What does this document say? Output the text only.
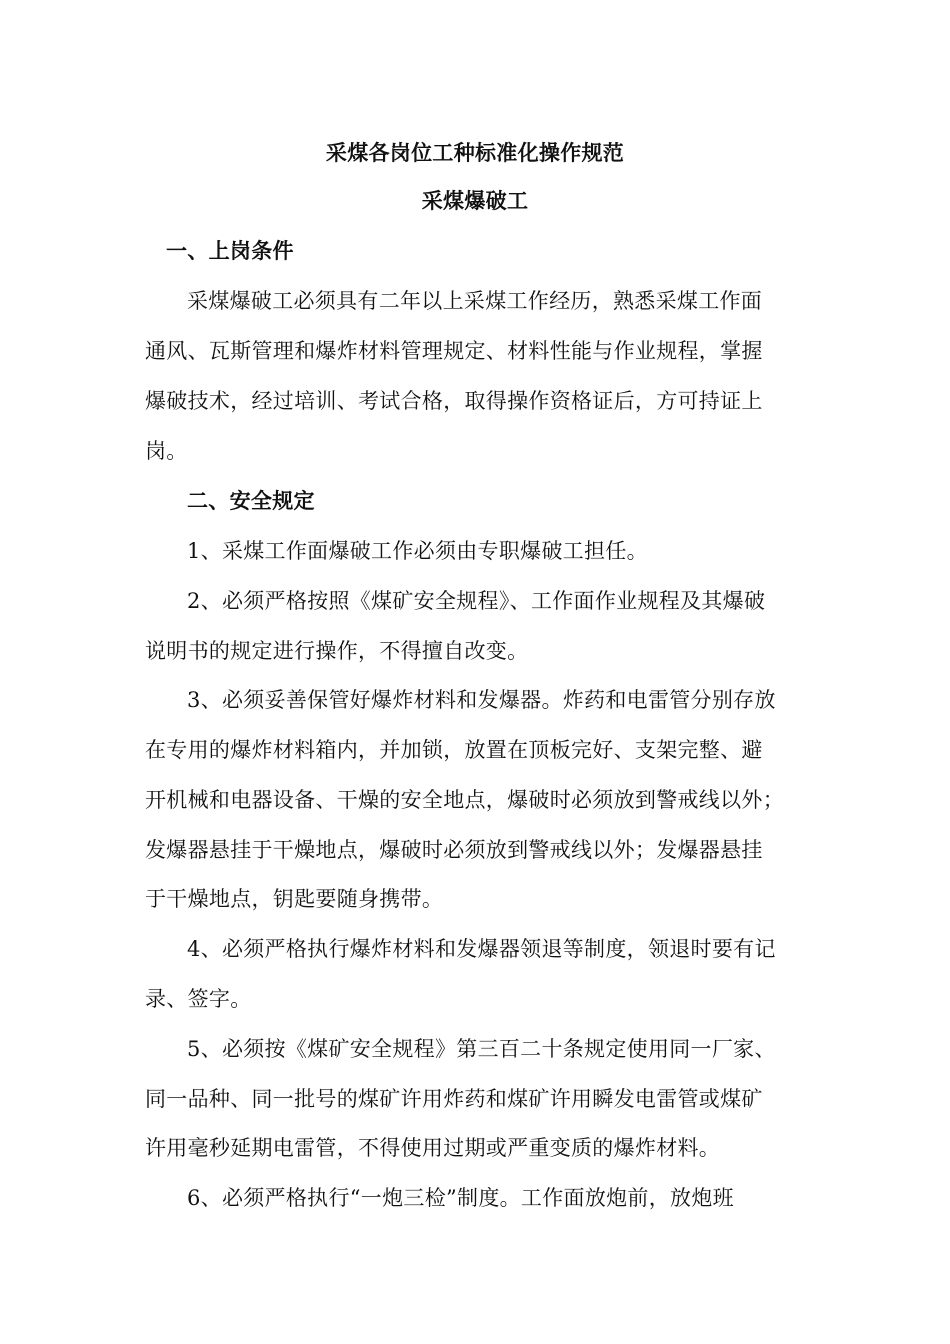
采煤各岗位工种标准化操作规范
采煤爆破工
一、上岗条件
采煤爆破工必须具有二年以上采煤工作经历，熟悉采煤工作面
通风、瓦斯管理和爆炸材料管理规定、材料性能与作业规程，掌握
爆破技术，经过培训、考试合格，取得操作资格证后，方可持证上
岗。
二、安全规定
1、采煤工作面爆破工作必须由专职爆破工担任。
2、必须严格按照《煤矿安全规程》、工作面作业规程及其爆破
说明书的规定进行操作，不得擅自改变。
3、必须妥善保管好爆炸材料和发爆器。炸药和电雷管分别存放
在专用的爆炸材料箱内，并加锁，放置在顶板完好、支架完整、避
开机械和电器设备、干燥的安全地点，爆破时必须放到警戒线以外；
发爆器悬挂于干燥地点，爆破时必须放到警戒线以外；发爆器悬挂
于干燥地点，钥匙要随身携带。
4、必须严格执行爆炸材料和发爆器领退等制度，领退时要有记
录、签字。
5、必须按《煤矿安全规程》第三百二十条规定使用同一厂家、
同一品种、同一批号的煤矿许用炸药和煤矿许用瞬发电雷管或煤矿
许用毫秒延期电雷管，不得使用过期或严重变质的爆炸材料。
6、必须严格执行“一炮三检”制度。工作面放炮前，放炮班
